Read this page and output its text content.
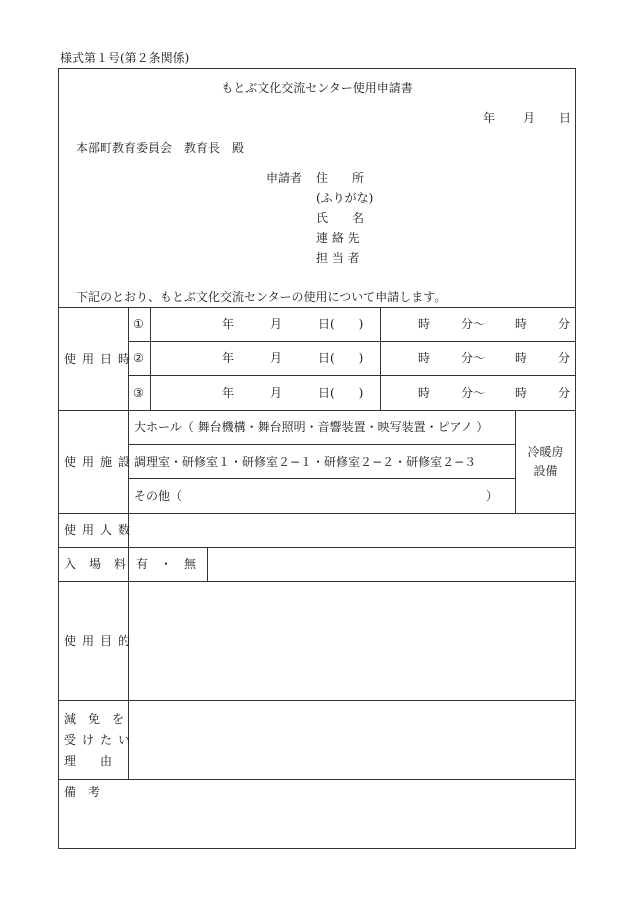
様式第１号(第２条関係)
もとぶ文化交流センター使用申請書
年 月 日
本部町教育委員会　教育長　殿
申請者 住　　所
(ふりがな)
氏　　名
連 絡 先
担 当 者
下記のとおり、もとぶ文化交流センターの使用について申請します。
使用日時
①	年	月	日(　　)	時	分〜 時	分
②	年	月	日(　　)	時	分〜 時	分
③	年	月	日(　　)	時	分〜 時	分
使用施設
大ホール（ 舞台機構・舞台照明・音響装置・映写装置・ピアノ ）
調理室・研修室１・研修室２−１・研修室２−２・研修室２−３
その他（	）
冷暖房
設備
使用人数
入場料
有　・　無
使用目的
減　免　を
受けたい
理　　由
備　考
